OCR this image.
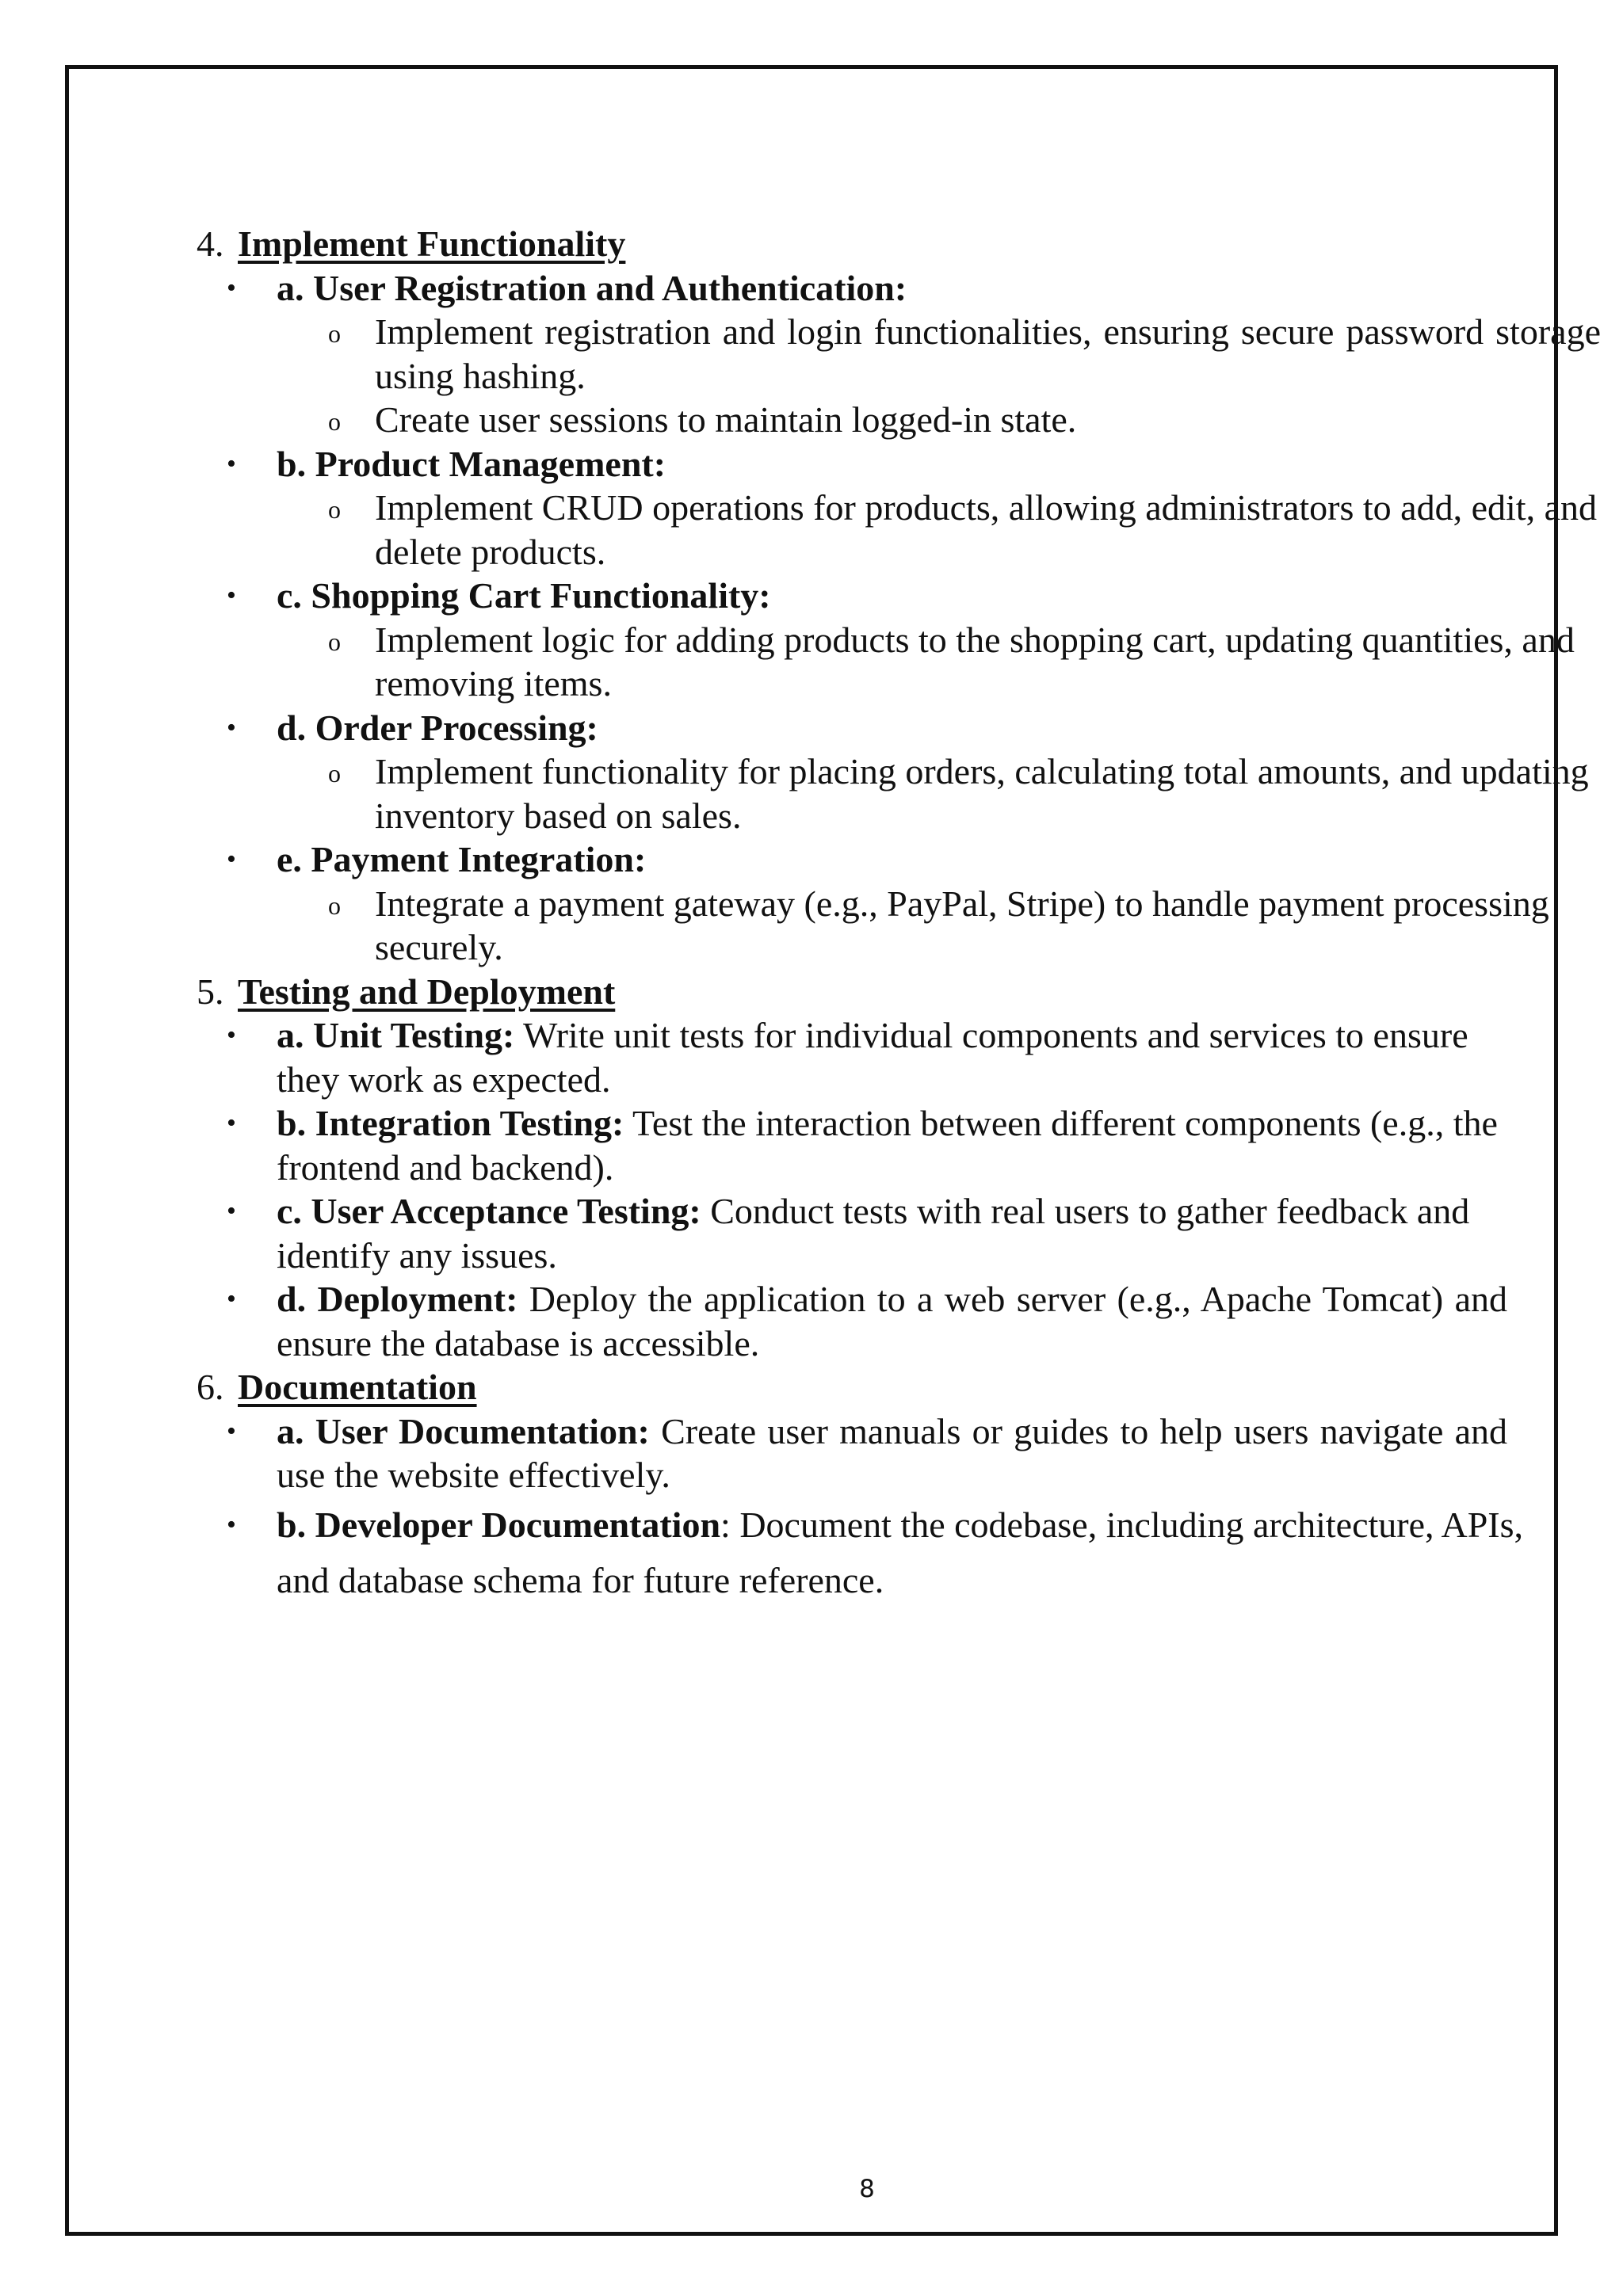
4. Implement Functionality
• a. User Registration and Authentication:
o Implement registration and login functionalities, ensuring secure password storage using hashing.
o Create user sessions to maintain logged-in state.
• b. Product Management:
o Implement CRUD operations for products, allowing administrators to add, edit, and delete products.
• c. Shopping Cart Functionality:
o Implement logic for adding products to the shopping cart, updating quantities, and removing items.
• d. Order Processing:
o Implement functionality for placing orders, calculating total amounts, and updating inventory based on sales.
• e. Payment Integration:
o Integrate a payment gateway (e.g., PayPal, Stripe) to handle payment processing securely.
5. Testing and Deployment
• a. Unit Testing: Write unit tests for individual components and services to ensure they work as expected.
• b. Integration Testing: Test the interaction between different components (e.g., the frontend and backend).
• c. User Acceptance Testing: Conduct tests with real users to gather feedback and identify any issues.
• d. Deployment: Deploy the application to a web server (e.g., Apache Tomcat) and ensure the database is accessible.
6. Documentation
• a. User Documentation: Create user manuals or guides to help users navigate and use the website effectively.
• b. Developer Documentation: Document the codebase, including architecture, APIs, and database schema for future reference.
8
